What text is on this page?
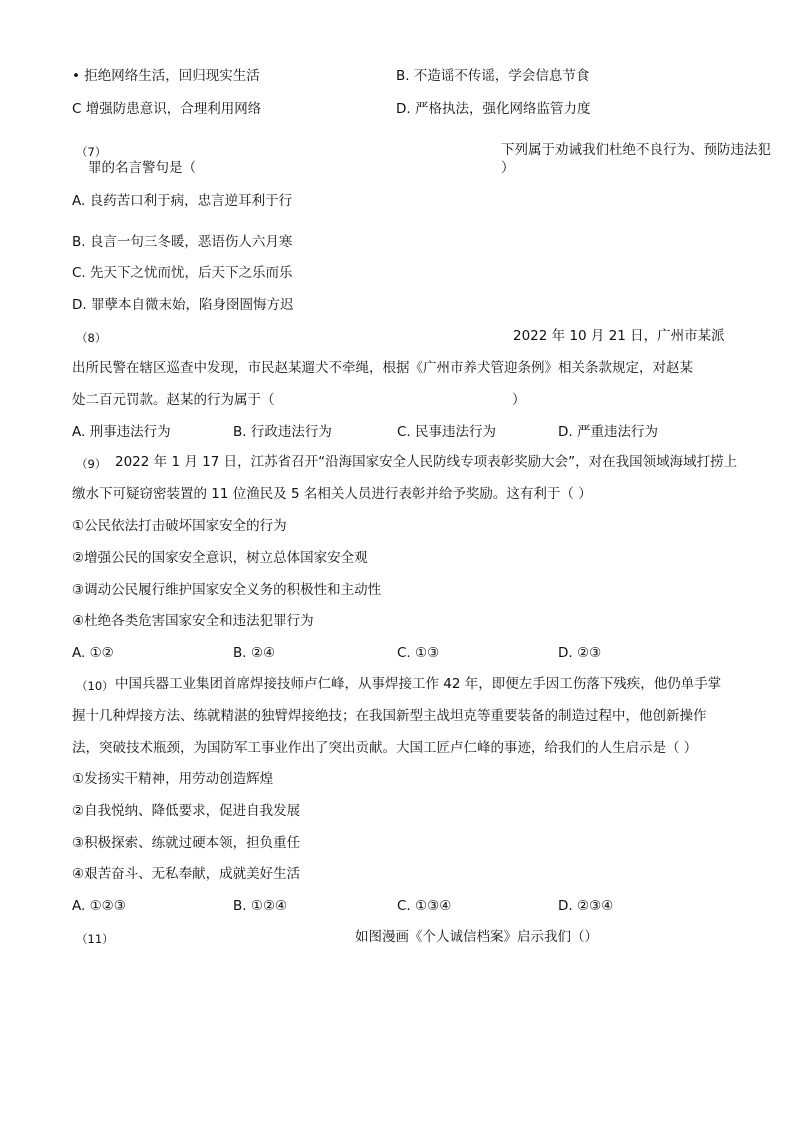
• 拒绝网络生活，回归现实生活	B. 不造谣不传谣，学会信息节食
C 增强防患意识，合理利用网络	D. 严格执法，强化网络监管力度
（7）	下列属于劝诫我们杜绝不良行为、预防违法犯
罪的名言警句是（	）
A. 良药苦口利于病，忠言逆耳利于行
B. 良言一句三冬暖，恶语伤人六月寒
C. 先天下之忧而忧，后天下之乐而乐
D. 罪孽本自微末始，陷身囹圄悔方迟
（8）	2022 年 10 月 21 日，广州市某派
出所民警在辖区巡查中发现，市民赵某遛犬不牵绳，根据《广州市养犬管迎条例》相关条款规定，对赵某
处二百元罚款。赵某的行为属于（	）
A. 刑事违法行为	B. 行政违法行为	C. 民事违法行为	D. 严重违法行为
（9） 2022 年 1 月 17 日，江苏省召开“沿海国家安全人民防线专项表彰奖励大会”，对在我国领域海域打捞上
缴水下可疑窃密装置的 11 位渔民及 5 名相关人员进行表彰并给予奖励。这有利于（ ）
①公民依法打击破坏国家安全的行为
②增强公民的国家安全意识，树立总体国家安全观
③调动公民履行维护国家安全义务的积极性和主动性
④杜绝各类危害国家安全和违法犯罪行为
A. ①②	B. ②④	C. ①③	D. ②③
（10） 中国兵器工业集团首席焊接技师卢仁峰，从事焊接工作 42 年，即便左手因工伤落下残疾，他仍单手掌
握十几种焊接方法、练就精湛的独臂焊接绝技；在我国新型主战坦克等重要装备的制造过程中，他创新操作
法，突破技术瓶颈，为国防军工事业作出了突出贡献。大国工匠卢仁峰的事迹，给我们的人生启示是（ ）
①发扬实干精神，用劳动创造辉煌
②自我悦纳、降低要求，促进自我发展
③积极探索、练就过硬本领，担负重任
④艰苦奋斗、无私奉献，成就美好生活
A. ①②③	B. ①②④	C. ①③④	D. ②③④
（11）	如图漫画《个人诚信档案》启示我们（）
